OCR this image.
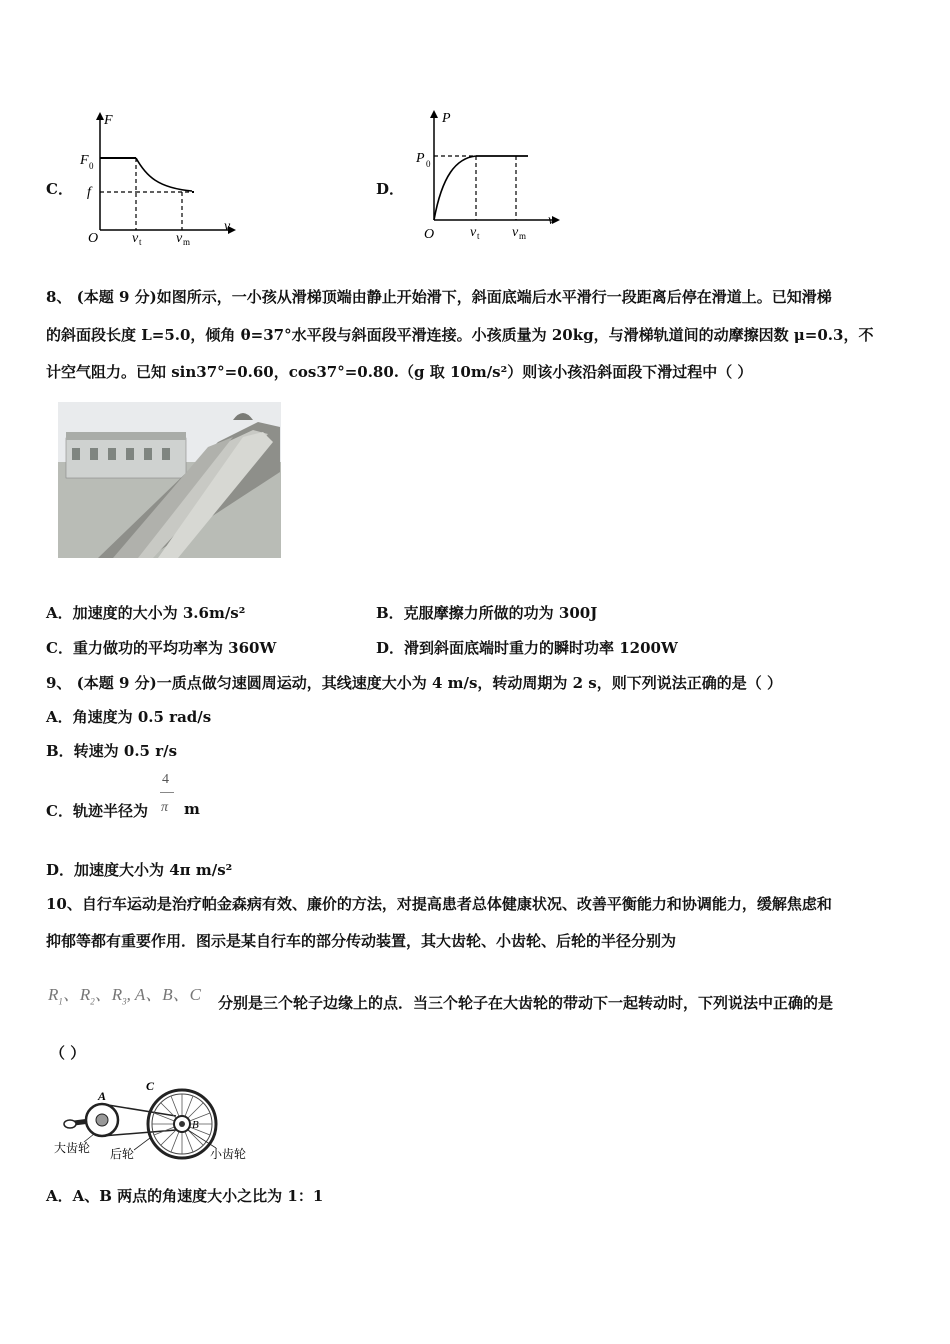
C．
F
v
O
F 0
f
v t v m
D．
P
v
O
P 0
v t v m
8、 (本题 9 分)如图所示，一小孩从滑梯顶端由静止开始滑下，斜面底端后水平滑行一段距离后停在滑道上。已知滑梯
的斜面段长度 L=5.0，倾角 θ=37°水平段与斜面段平滑连接。小孩质量为 20kg，与滑梯轨道间的动摩擦因数 μ=0.3，不
计空气阻力。已知 sin37°=0.60，cos37°=0.80.（g 取 10m/s²）则该小孩沿斜面段下滑过程中（ ）
A．加速度的大小为 3.6m/s²	B．克服摩擦力所做的功为 300J
C．重力做功的平均功率为 360W	D．滑到斜面底端时重力的瞬时功率 1200W
9、 (本题 9 分)一质点做匀速圆周运动，其线速度大小为 4 m/s，转动周期为 2 s，则下列说法正确的是（ ）
A．角速度为 0.5 rad/s
B．转速为 0.5 r/s
C．轨迹半径为
4
π m
D．加速度大小为 4π m/s²
10、自行车运动是治疗帕金森病有效、廉价的方法，对提高患者总体健康状况、改善平衡能力和协调能力，缓解焦虑和
抑郁等都有重要作用．图示是某自行车的部分传动装置，其大齿轮、小齿轮、后轮的半径分别为
$R_1$、$R_2$、$R_3$, A、B、C 分别是三个轮子边缘上的点．当三个轮子在大齿轮的带动下一起转动时，下列说法中正确的是
（ ）
A
B
C
大齿轮 后轮	小齿轮
A．A、B 两点的角速度大小之比为 1：1
